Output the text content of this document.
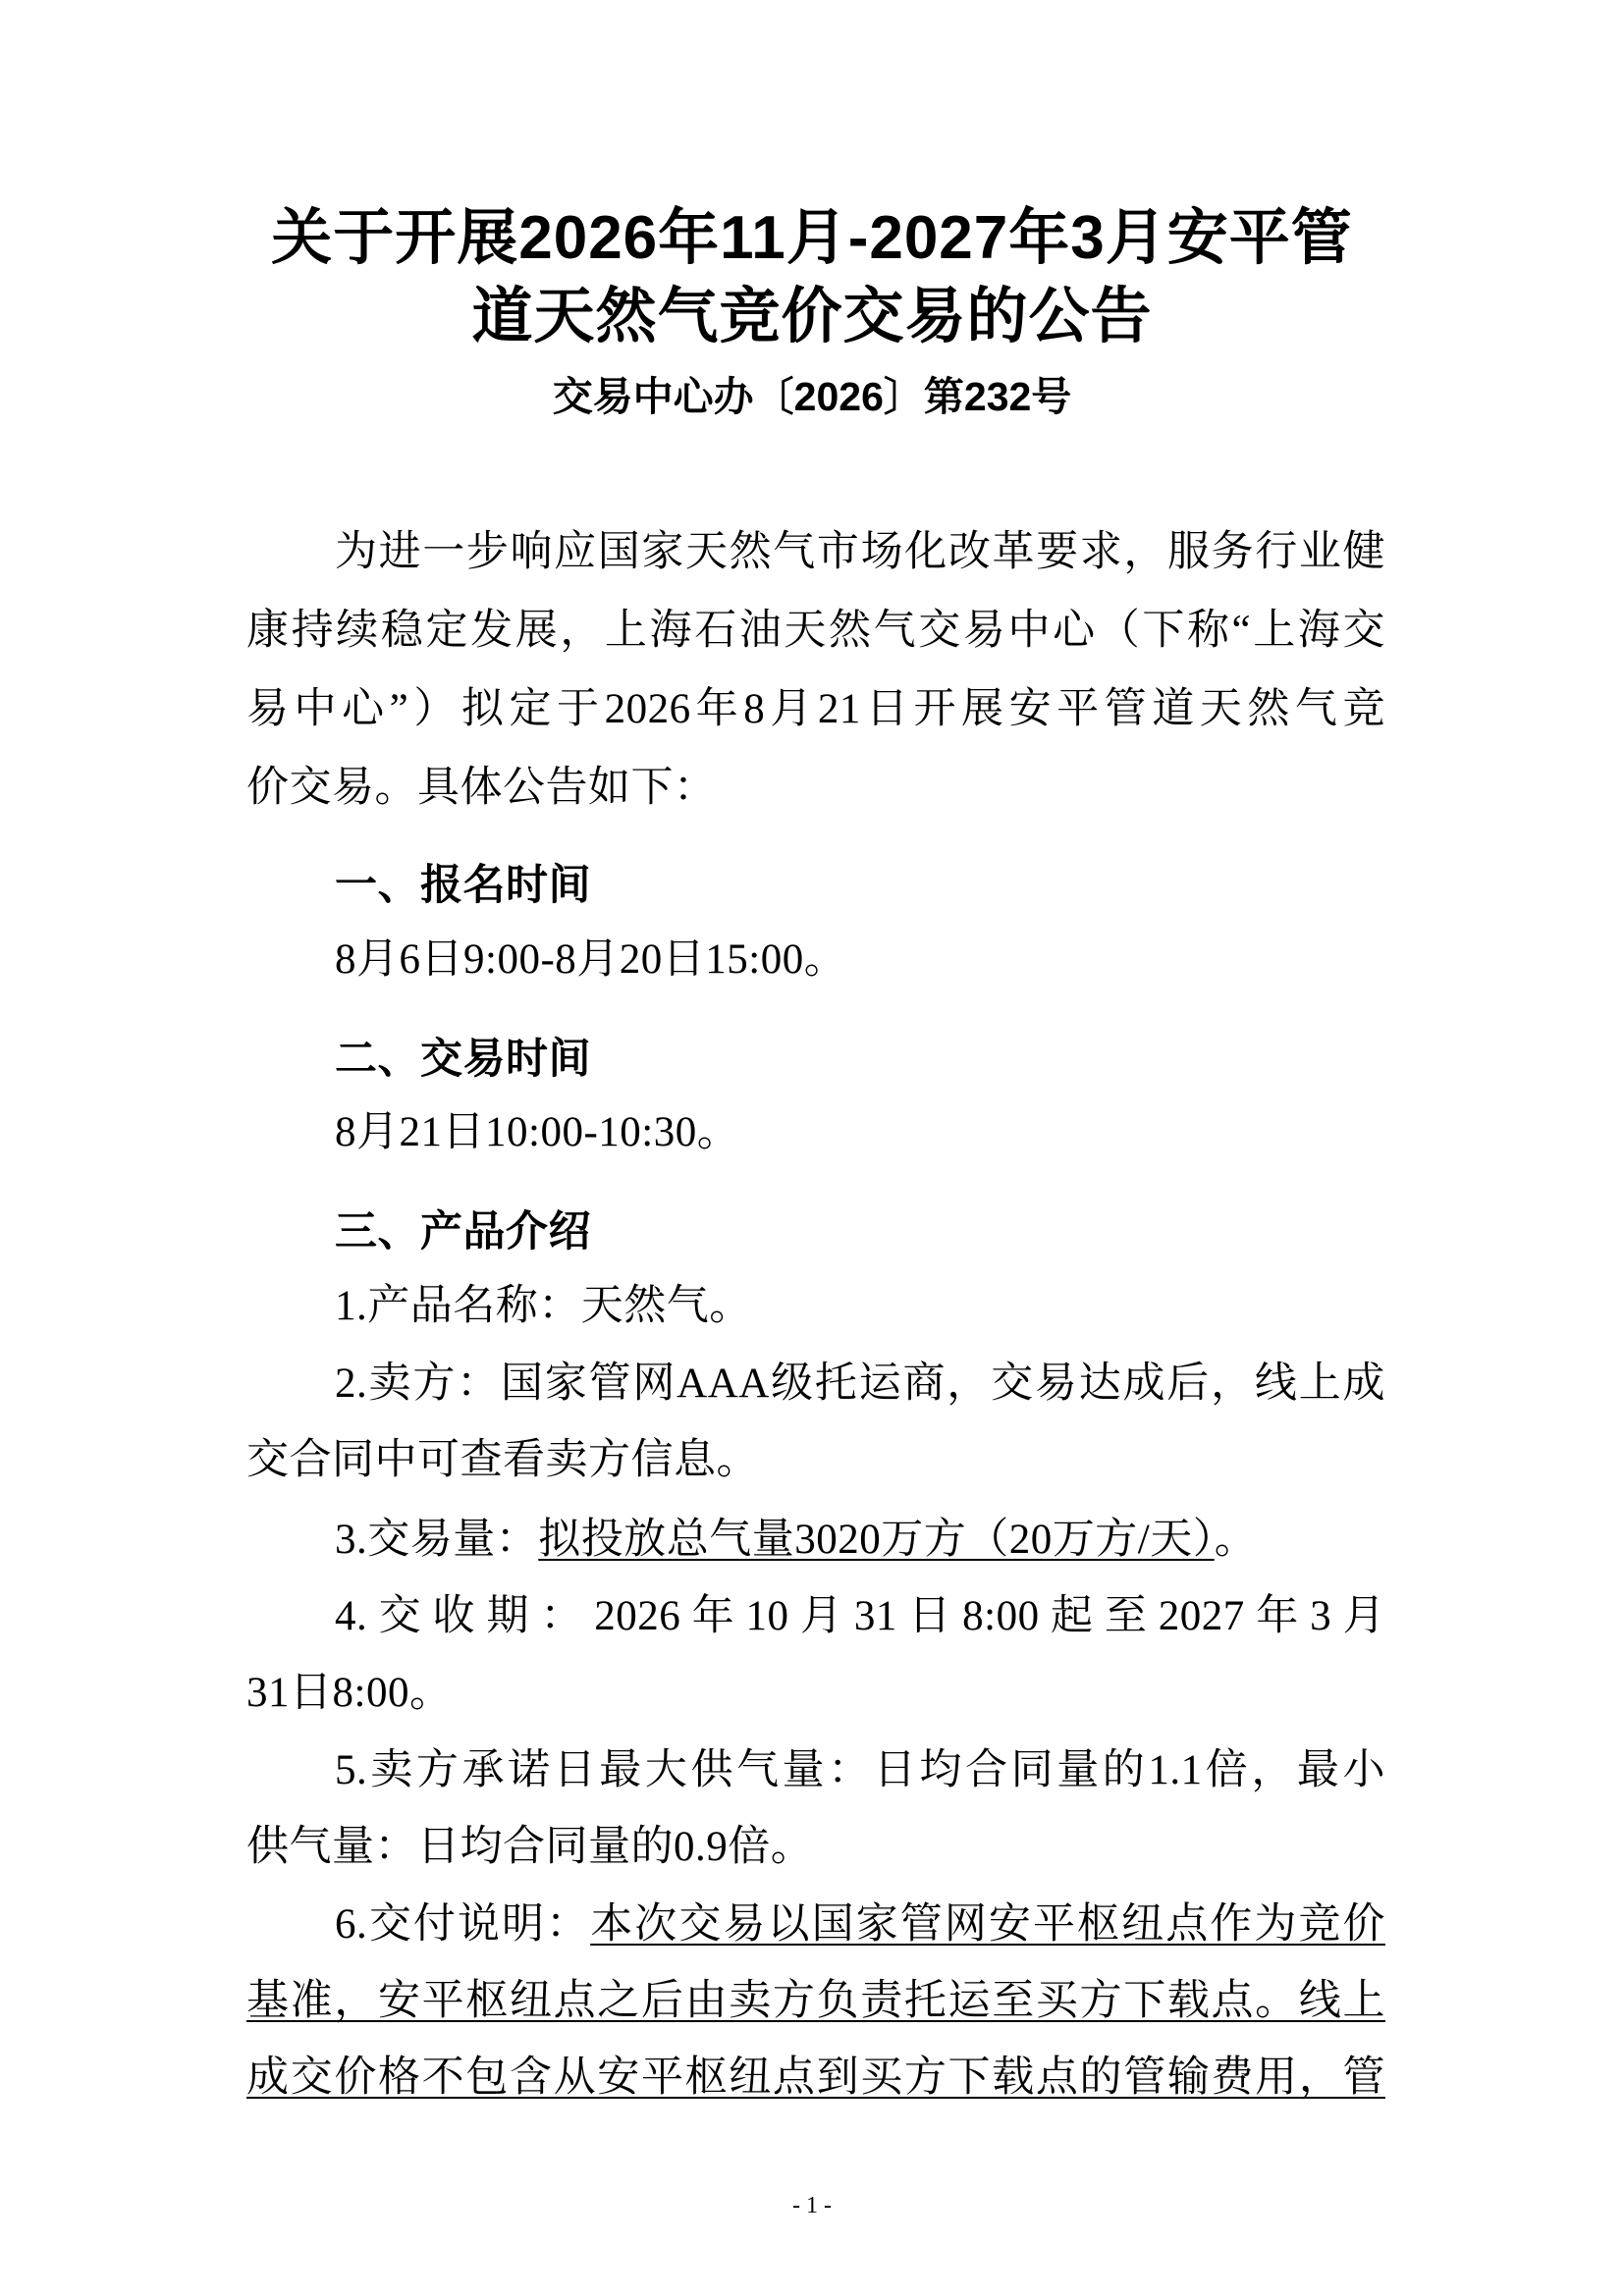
关于开展2026年11月-2027年3月安平管
道天然气竞价交易的公告
交易中心办〔2026〕第232号
为进一步响应国家天然气市场化改革要求，服务行业健
康持续稳定发展，上海石油天然气交易中心（下称“上海交
易中心”）拟定于2026年8月21日开展安平管道天然气竞
价交易。具体公告如下：
一、报名时间
8月6日9:00-8月20日15:00。
二、交易时间
8月21日10:00-10:30。
三、产品介绍
1.产品名称：天然气。
2.卖方：国家管网AAA级托运商，交易达成后，线上成
交合同中可查看卖方信息。
3.交易量：拟投放总气量3020万方（20万方/天）。
4.交收期：2026年10月31日8:00起至2027年3月
31日8:00。
5.卖方承诺日最大供气量：日均合同量的1.1倍，最小
供气量：日均合同量的0.9倍。
6.交付说明：本次交易以国家管网安平枢纽点作为竞价
基准，安平枢纽点之后由卖方负责托运至买方下载点。线上
成交价格不包含从安平枢纽点到买方下载点的管输费用，管
- 1 -
